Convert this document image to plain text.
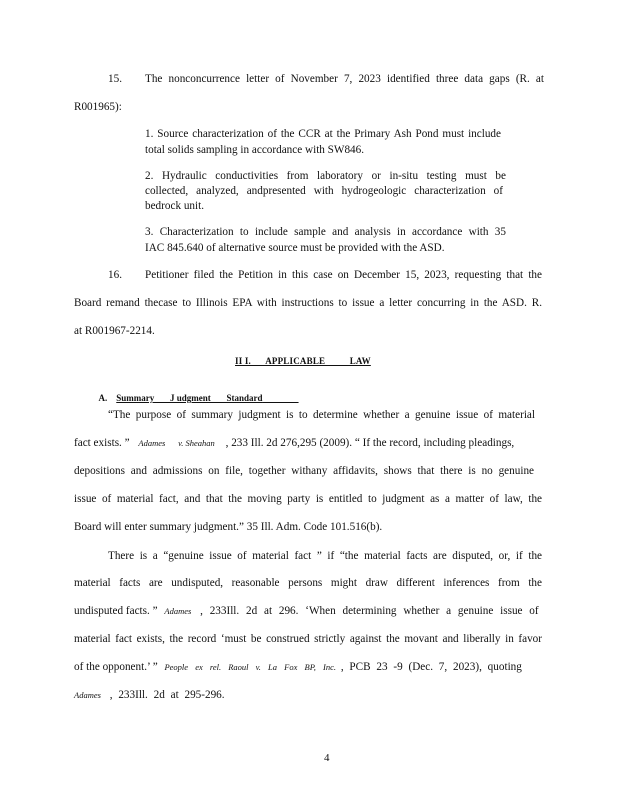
15. The nonconcurrence letter of November 7, 2023 identified three data gaps (R. at
R001965):
1. Source characterization of the CCR at the Primary Ash Pond must include
total solids sampling in accordance with SW846.
2. Hydraulic conductivities from laboratory or in-situ testing must be
collected, analyzed, andpresented with hydrogeologic characterization of
bedrock unit.
3. Characterization to include sample and analysis in accordance with 35
IAC 845.640 of alternative source must be provided with the ASD.
16. Petitioner filed the Petition in this case on December 15, 2023, requesting that the
Board remand thecase to Illinois EPA with instructions to issue a letter concurring in the ASD. R.
at R001967-2214.
II I.      APPLICABLE          LAW

A. Summary       J udgment       Standard

“The purpose of summary judgment is to determine whether a genuine issue of material
fact exists. ” Adames v. Sheahan , 233 Ill. 2d 276,295 (2009). “ If the record, including pleadings,
depositions and admissions on file, together withany affidavits, shows that there is no genuine
issue of material fact, and that the moving party is entitled to judgment as a matter of law, the
Board will enter summary judgment.” 35 Ill. Adm. Code 101.516(b).
There is a “genuine issue of material fact ” if “the material facts are disputed, or, if the
material facts are undisputed, reasonable persons might draw different inferences from the
undisputed facts. ” Adames , 233Ill. 2d at 296. ‘When determining whether a genuine issue of
material fact exists, the record ‘must be construed strictly against the movant and liberally in favor
of the opponent.’ ” People ex rel. Raoul v. La Fox BP, Inc. , PCB 23 -9 (Dec. 7, 2023), quoting
Adames , 233Ill. 2d at 295-296.
4
